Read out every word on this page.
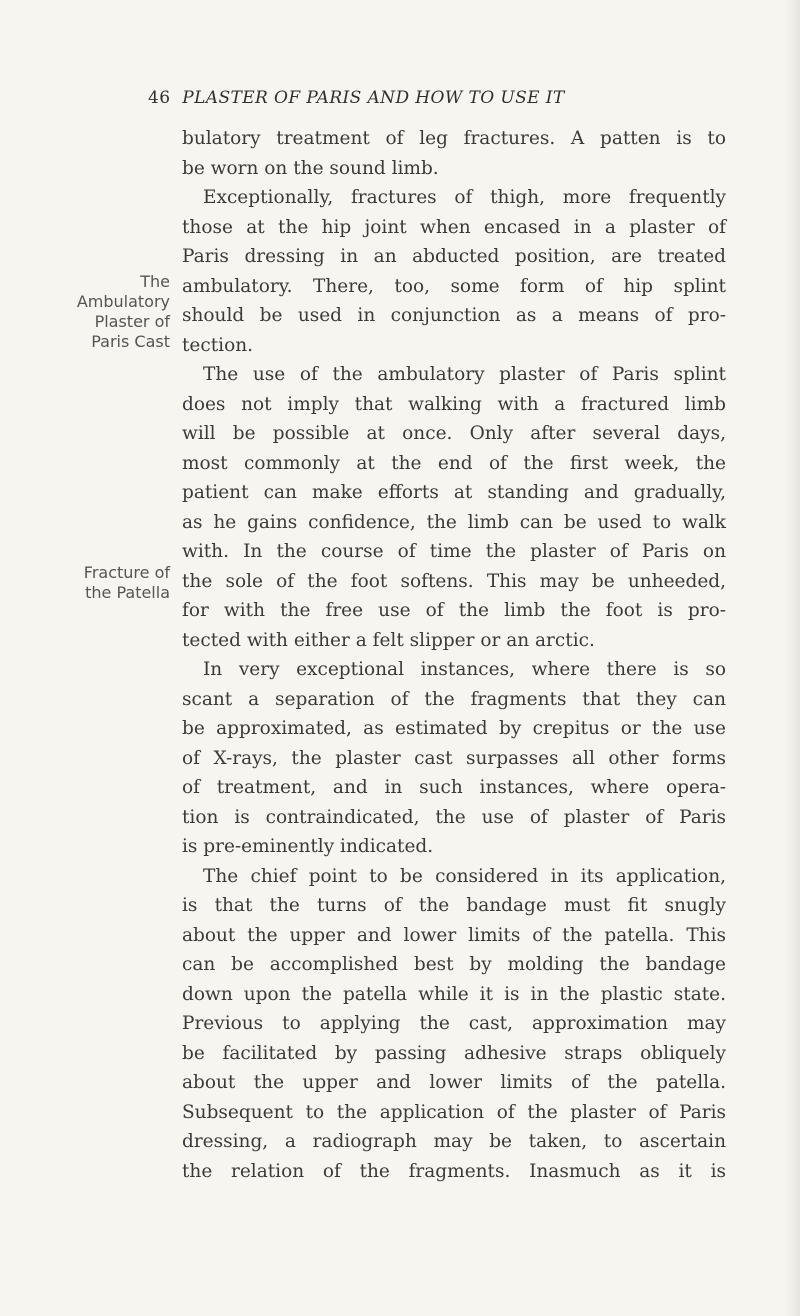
46 PLASTER OF PARIS AND HOW TO USE IT
The
Ambulatory
Plaster of
Paris Cast
Fracture of
the Patella
bulatory treatment of leg fractures. A patten is to
be worn on the sound limb.
Exceptionally, fractures of thigh, more frequently
those at the hip joint when encased in a plaster of
Paris dressing in an abducted position, are treated
ambulatory. There, too, some form of hip splint
should be used in conjunction as a means of pro-
tection.
The use of the ambulatory plaster of Paris splint
does not imply that walking with a fractured limb
will be possible at once. Only after several days,
most commonly at the end of the first week, the
patient can make efforts at standing and gradually,
as he gains confidence, the limb can be used to walk
with. In the course of time the plaster of Paris on
the sole of the foot softens. This may be unheeded,
for with the free use of the limb the foot is pro-
tected with either a felt slipper or an arctic.
In very exceptional instances, where there is so
scant a separation of the fragments that they can
be approximated, as estimated by crepitus or the use
of X-rays, the plaster cast surpasses all other forms
of treatment, and in such instances, where opera-
tion is contraindicated, the use of plaster of Paris
is pre-eminently indicated.
The chief point to be considered in its application,
is that the turns of the bandage must fit snugly
about the upper and lower limits of the patella. This
can be accomplished best by molding the bandage
down upon the patella while it is in the plastic state.
Previous to applying the cast, approximation may
be facilitated by passing adhesive straps obliquely
about the upper and lower limits of the patella.
Subsequent to the application of the plaster of Paris
dressing, a radiograph may be taken, to ascertain
the relation of the fragments. Inasmuch as it is
